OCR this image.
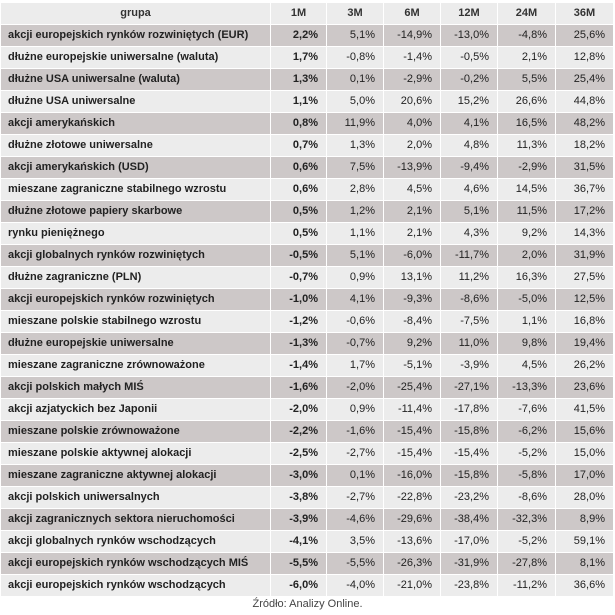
grupa	1M	3M	6M	12M	24M	36M
akcji europejskich rynków rozwiniętych (EUR)	2,2%	5,1%	-14,9%	-13,0%	-4,8%	25,6%
dłużne europejskie uniwersalne (waluta)	1,7%	-0,8%	-1,4%	-0,5%	2,1%	12,8%
dłużne USA uniwersalne (waluta)	1,3%	0,1%	-2,9%	-0,2%	5,5%	25,4%
dłużne USA uniwersalne	1,1%	5,0%	20,6%	15,2%	26,6%	44,8%
akcji amerykańskich	0,8%	11,9%	4,0%	4,1%	16,5%	48,2%
dłużne złotowe uniwersalne	0,7%	1,3%	2,0%	4,8%	11,3%	18,2%
akcji amerykańskich (USD)	0,6%	7,5%	-13,9%	-9,4%	-2,9%	31,5%
mieszane zagraniczne stabilnego wzrostu	0,6%	2,8%	4,5%	4,6%	14,5%	36,7%
dłużne złotowe papiery skarbowe	0,5%	1,2%	2,1%	5,1%	11,5%	17,2%
rynku pieniężnego	0,5%	1,1%	2,1%	4,3%	9,2%	14,3%
akcji globalnych rynków rozwiniętych	-0,5%	5,1%	-6,0%	-11,7%	2,0%	31,9%
dłużne zagraniczne (PLN)	-0,7%	0,9%	13,1%	11,2%	16,3%	27,5%
akcji europejskich rynków rozwiniętych	-1,0%	4,1%	-9,3%	-8,6%	-5,0%	12,5%
mieszane polskie stabilnego wzrostu	-1,2%	-0,6%	-8,4%	-7,5%	1,1%	16,8%
dłużne europejskie uniwersalne	-1,3%	-0,7%	9,2%	11,0%	9,8%	19,4%
mieszane zagraniczne zrównoważone	-1,4%	1,7%	-5,1%	-3,9%	4,5%	26,2%
akcji polskich małych MIŚ	-1,6%	-2,0%	-25,4%	-27,1%	-13,3%	23,6%
akcji azjatyckich bez Japonii	-2,0%	0,9%	-11,4%	-17,8%	-7,6%	41,5%
mieszane polskie zrównoważone	-2,2%	-1,6%	-15,4%	-15,8%	-6,2%	15,6%
mieszane polskie aktywnej alokacji	-2,5%	-2,7%	-15,4%	-15,4%	-5,2%	15,0%
mieszane zagraniczne aktywnej alokacji	-3,0%	0,1%	-16,0%	-15,8%	-5,8%	17,0%
akcji polskich uniwersalnych	-3,8%	-2,7%	-22,8%	-23,2%	-8,6%	28,0%
akcji zagranicznych sektora nieruchomości	-3,9%	-4,6%	-29,6%	-38,4%	-32,3%	8,9%
akcji globalnych rynków wschodzących	-4,1%	3,5%	-13,6%	-17,0%	-5,2%	59,1%
akcji europejskich rynków wschodzących MIŚ	-5,5%	-5,5%	-26,3%	-31,9%	-27,8%	8,1%
akcji europejskich rynków wschodzących	-6,0%	-4,0%	-21,0%	-23,8%	-11,2%	36,6%
Źródło: Analizy Online.
